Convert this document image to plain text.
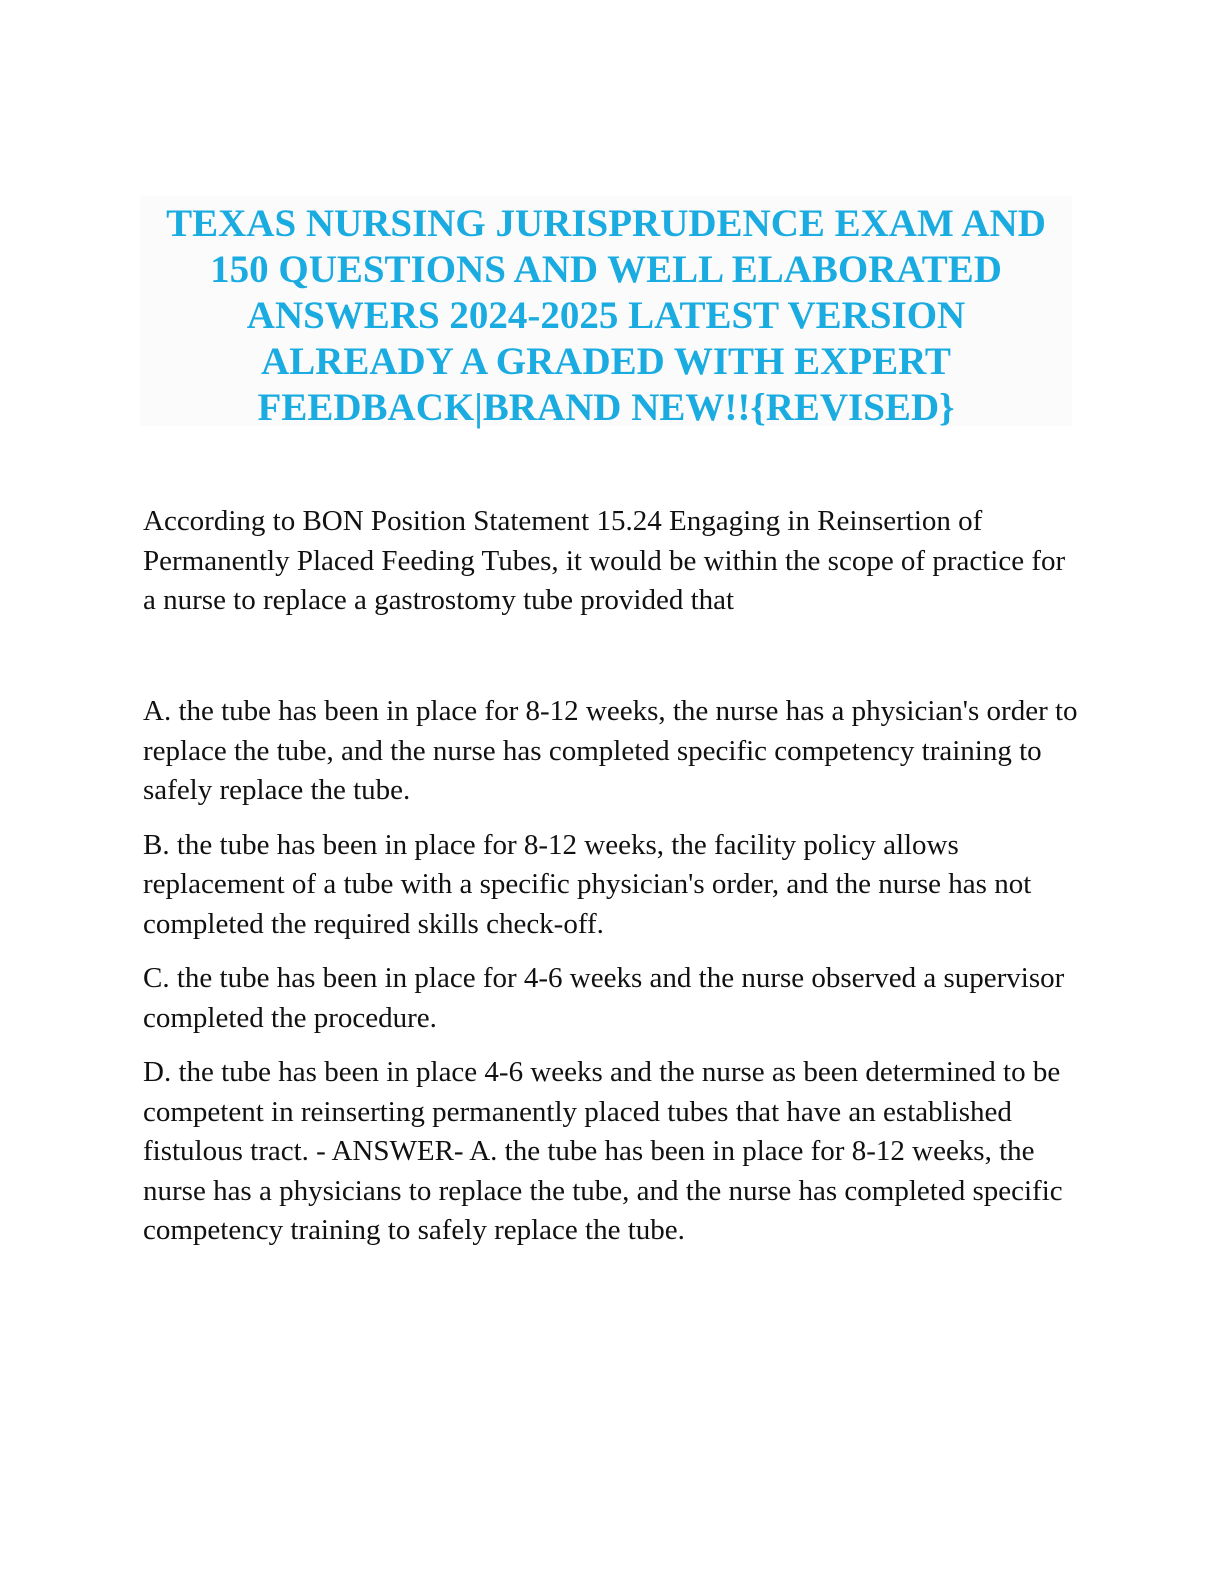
TEXAS NURSING JURISPRUDENCE EXAM AND 150 QUESTIONS AND WELL ELABORATED ANSWERS 2024-2025 LATEST VERSION ALREADY A GRADED WITH EXPERT FEEDBACK|BRAND NEW!!{REVISED}

According to BON Position Statement 15.24 Engaging in Reinsertion of Permanently Placed Feeding Tubes, it would be within the scope of practice for a nurse to replace a gastrostomy tube provided that

A. the tube has been in place for 8-12 weeks, the nurse has a physician's order to replace the tube, and the nurse has completed specific competency training to safely replace the tube.

B. the tube has been in place for 8-12 weeks, the facility policy allows replacement of a tube with a specific physician's order, and the nurse has not completed the required skills check-off.

C. the tube has been in place for 4-6 weeks and the nurse observed a supervisor completed the procedure.

D. the tube has been in place 4-6 weeks and the nurse as been determined to be competent in reinserting permanently placed tubes that have an established fistulous tract. - ANSWER- A. the tube has been in place for 8-12 weeks, the nurse has a physicians to replace the tube, and the nurse has completed specific competency training to safely replace the tube.
